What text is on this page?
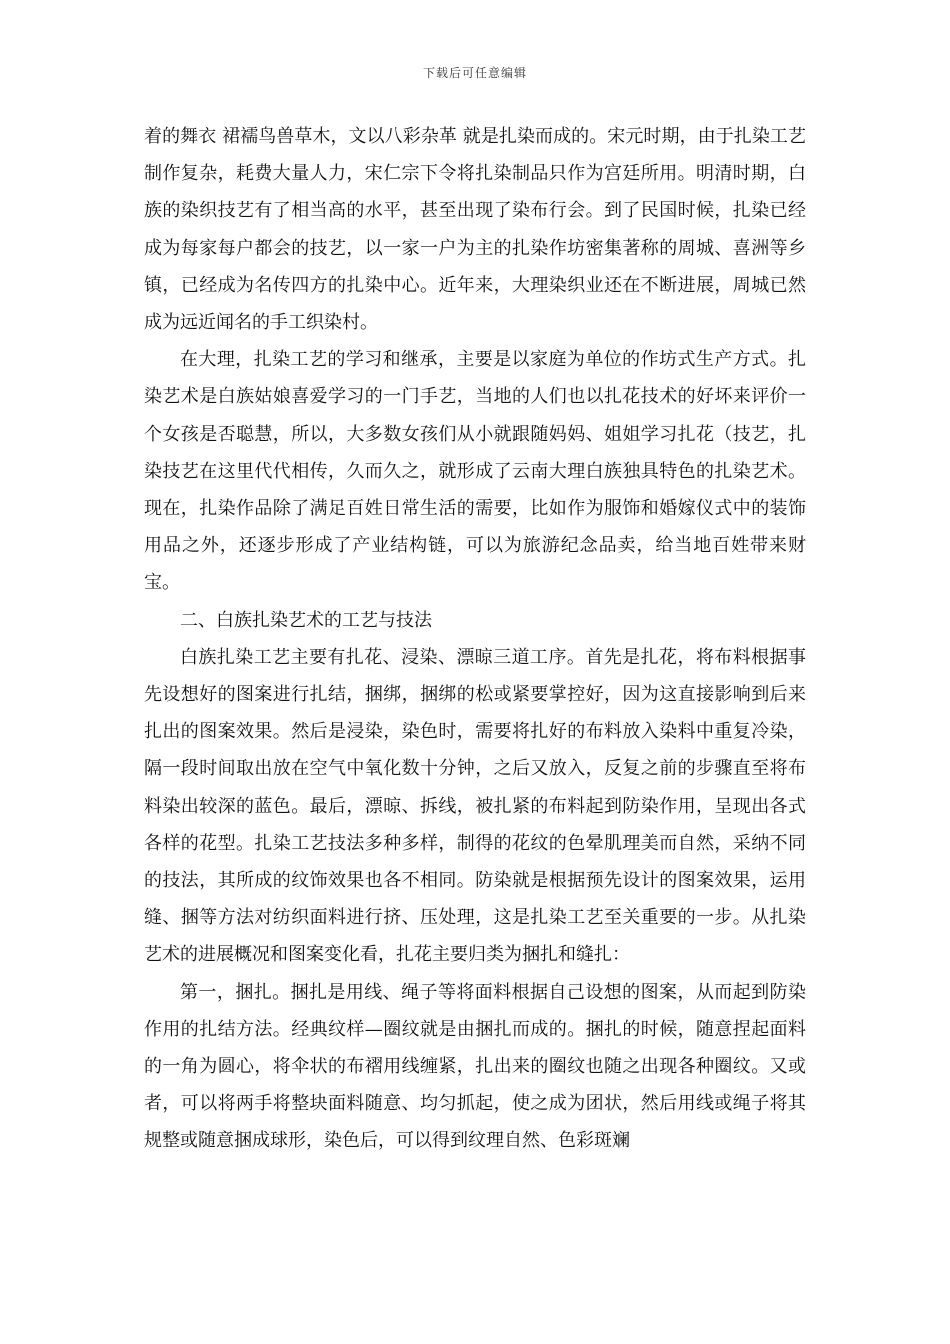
下载后可任意编辑

着的舞衣 裙襦鸟兽草木，文以八彩杂革 就是扎染而成的。宋元时期，由于扎染工艺制作复杂，耗费大量人力，宋仁宗下令将扎染制品只作为宫廷所用。明清时期，白族的染织技艺有了相当高的水平，甚至出现了染布行会。到了民国时候，扎染已经成为每家每户都会的技艺，以一家一户为主的扎染作坊密集著称的周城、喜洲等乡镇，已经成为名传四方的扎染中心。近年来，大理染织业还在不断进展，周城已然成为远近闻名的手工织染村。

在大理，扎染工艺的学习和继承，主要是以家庭为单位的作坊式生产方式。扎染艺术是白族姑娘喜爱学习的一门手艺，当地的人们也以扎花技术的好坏来评价一个女孩是否聪慧，所以，大多数女孩们从小就跟随妈妈、姐姐学习扎花（技艺，扎染技艺在这里代代相传，久而久之，就形成了云南大理白族独具特色的扎染艺术。现在，扎染作品除了满足百姓日常生活的需要，比如作为服饰和婚嫁仪式中的装饰用品之外，还逐步形成了产业结构链，可以为旅游纪念品卖，给当地百姓带来财宝。

二、白族扎染艺术的工艺与技法

白族扎染工艺主要有扎花、浸染、漂晾三道工序。首先是扎花，将布料根据事先设想好的图案进行扎结，捆绑，捆绑的松或紧要掌控好，因为这直接影响到后来扎出的图案效果。然后是浸染，染色时，需要将扎好的布料放入染料中重复冷染，隔一段时间取出放在空气中氧化数十分钟，之后又放入，反复之前的步骤直至将布料染出较深的蓝色。最后，漂晾、拆线，被扎紧的布料起到防染作用，呈现出各式各样的花型。扎染工艺技法多种多样，制得的花纹的色晕肌理美而自然，采纳不同的技法，其所成的纹饰效果也各不相同。防染就是根据预先设计的图案效果，运用缝、捆等方法对纺织面料进行挤、压处理，这是扎染工艺至关重要的一步。从扎染艺术的进展概况和图案变化看，扎花主要归类为捆扎和缝扎：

第一，捆扎。捆扎是用线、绳子等将面料根据自己设想的图案，从而起到防染作用的扎结方法。经典纹样—圈纹就是由捆扎而成的。捆扎的时候，随意捏起面料的一角为圆心，将伞状的布褶用线缠紧，扎出来的圈纹也随之出现各种圈纹。又或者，可以将两手将整块面料随意、均匀抓起，使之成为团状，然后用线或绳子将其规整或随意捆成球形，染色后，可以得到纹理自然、色彩斑斓
